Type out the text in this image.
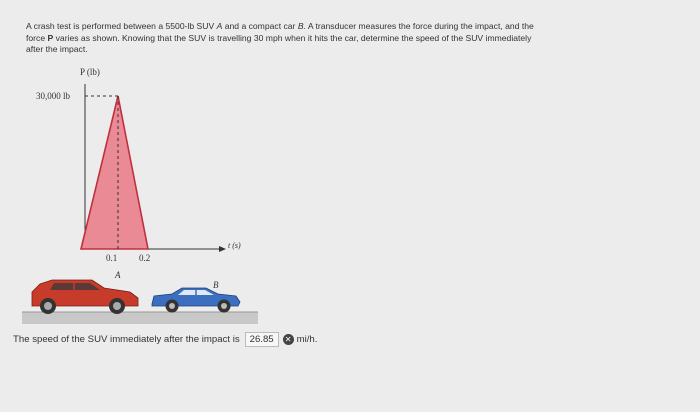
A crash test is performed between a 5500-lb SUV A and a compact car B. A transducer measures the force during the impact, and the
force P varies as shown. Knowing that the SUV is travelling 30 mph when it hits the car, determine the speed of the SUV immediately
after the impact.
P (lb)
30,000 lb
0.1 0.2
t (s)
A
B
The speed of the SUV immediately after the impact is	26.85	✕ mi/h.
